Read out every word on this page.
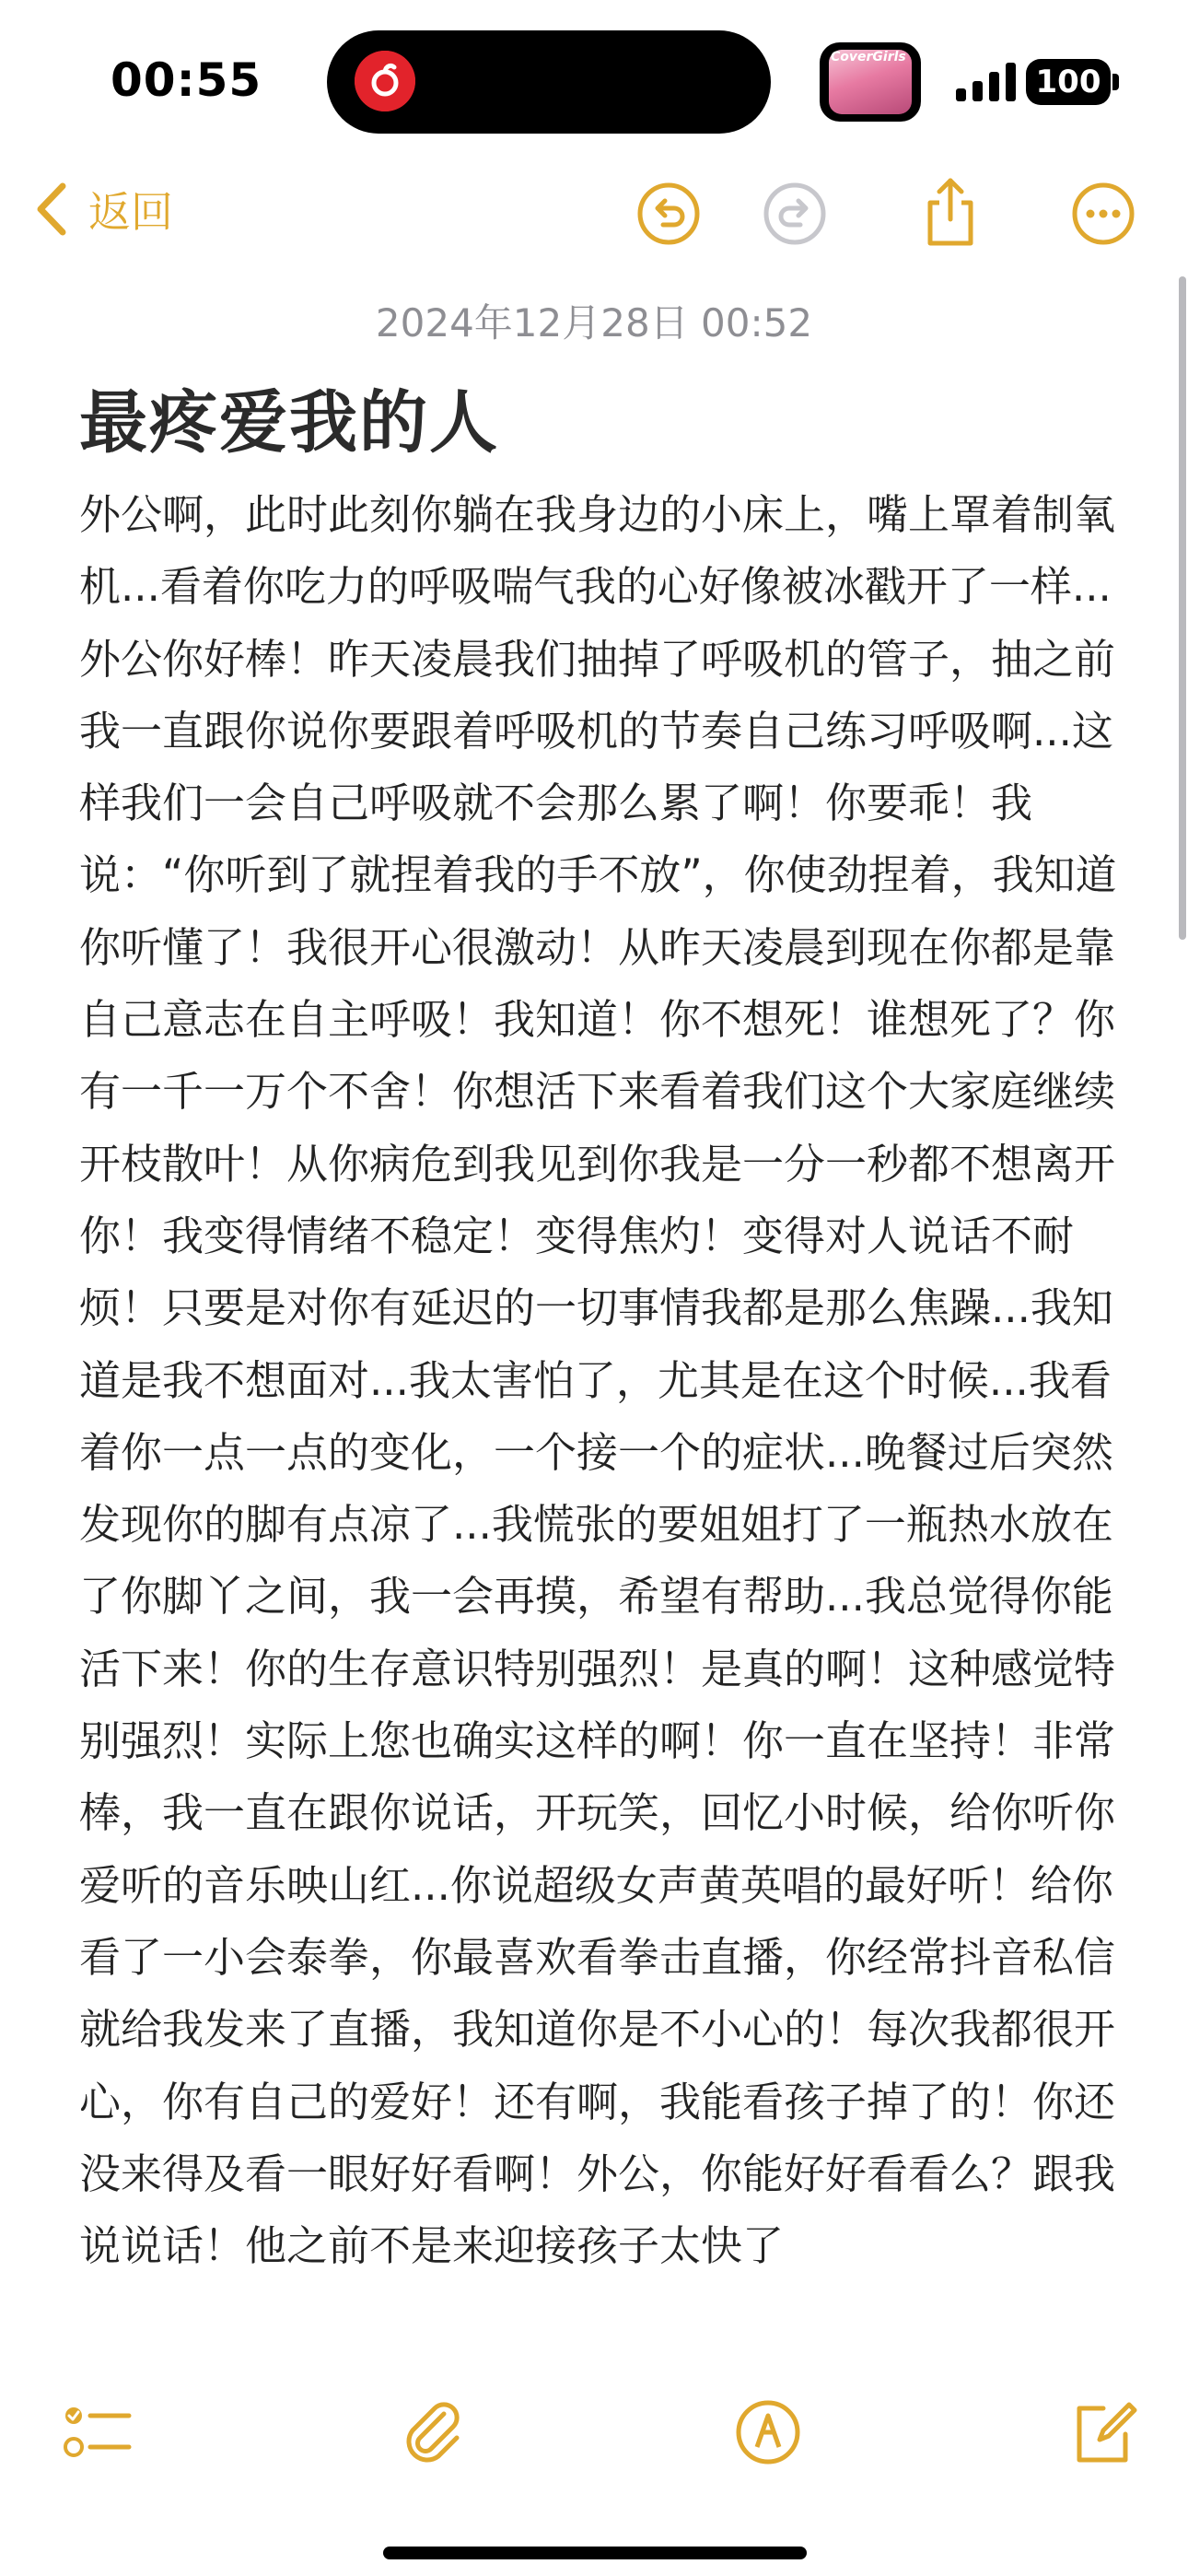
00:55	CoverGirls
100
返回
2024年12月28日 00:52
最疼爱我的人

外公啊，此时此刻你躺在我身边的小床上，嘴上罩着制氧机...看着你吃力的呼吸喘气我的心好像被冰戳开了一样...
外公你好棒！昨天凌晨我们抽掉了呼吸机的管子，抽之前我一直跟你说你要跟着呼吸机的节奏自己练习呼吸啊...这样我们一会自己呼吸就不会那么累了啊！你要乖！我说：“你听到了就捏着我的手不放”，你使劲捏着，我知道你听懂了！我很开心很激动！从昨天凌晨到现在你都是靠自己意志在自主呼吸！我知道！你不想死！谁想死了？你有一千一万个不舍！你想活下来看着我们这个大家庭继续开枝散叶！从你病危到我见到你我是一分一秒都不想离开你！我变得情绪不稳定！变得焦灼！变得对人说话不耐烦！只要是对你有延迟的一切事情我都是那么焦躁...我知道是我不想面对...我太害怕了，尤其是在这个时候...我看着你一点一点的变化，一个接一个的症状...晚餐过后突然发现你的脚有点凉了...我慌张的要姐姐打了一瓶热水放在了你脚丫之间，我一会再摸，希望有帮助...我总觉得你能活下来！你的生存意识特别强烈！是真的啊！这种感觉特别强烈！实际上您也确实这样的啊！你一直在坚持！非常棒，我一直在跟你说话，开玩笑，回忆小时候，给你听你爱听的音乐映山红...你说超级女声黄英唱的最好听！给你看了一小会泰拳，你最喜欢看拳击直播，你经常抖音私信就给我发来了直播，我知道你是不小心的！每次我都很开心，你有自己的爱好！还有啊，我能看孩子掉了的！你还没来得及看一眼好好看啊！外公，你能好好看看么？跟我说说话！他之前不是来迎接孩子太快了
